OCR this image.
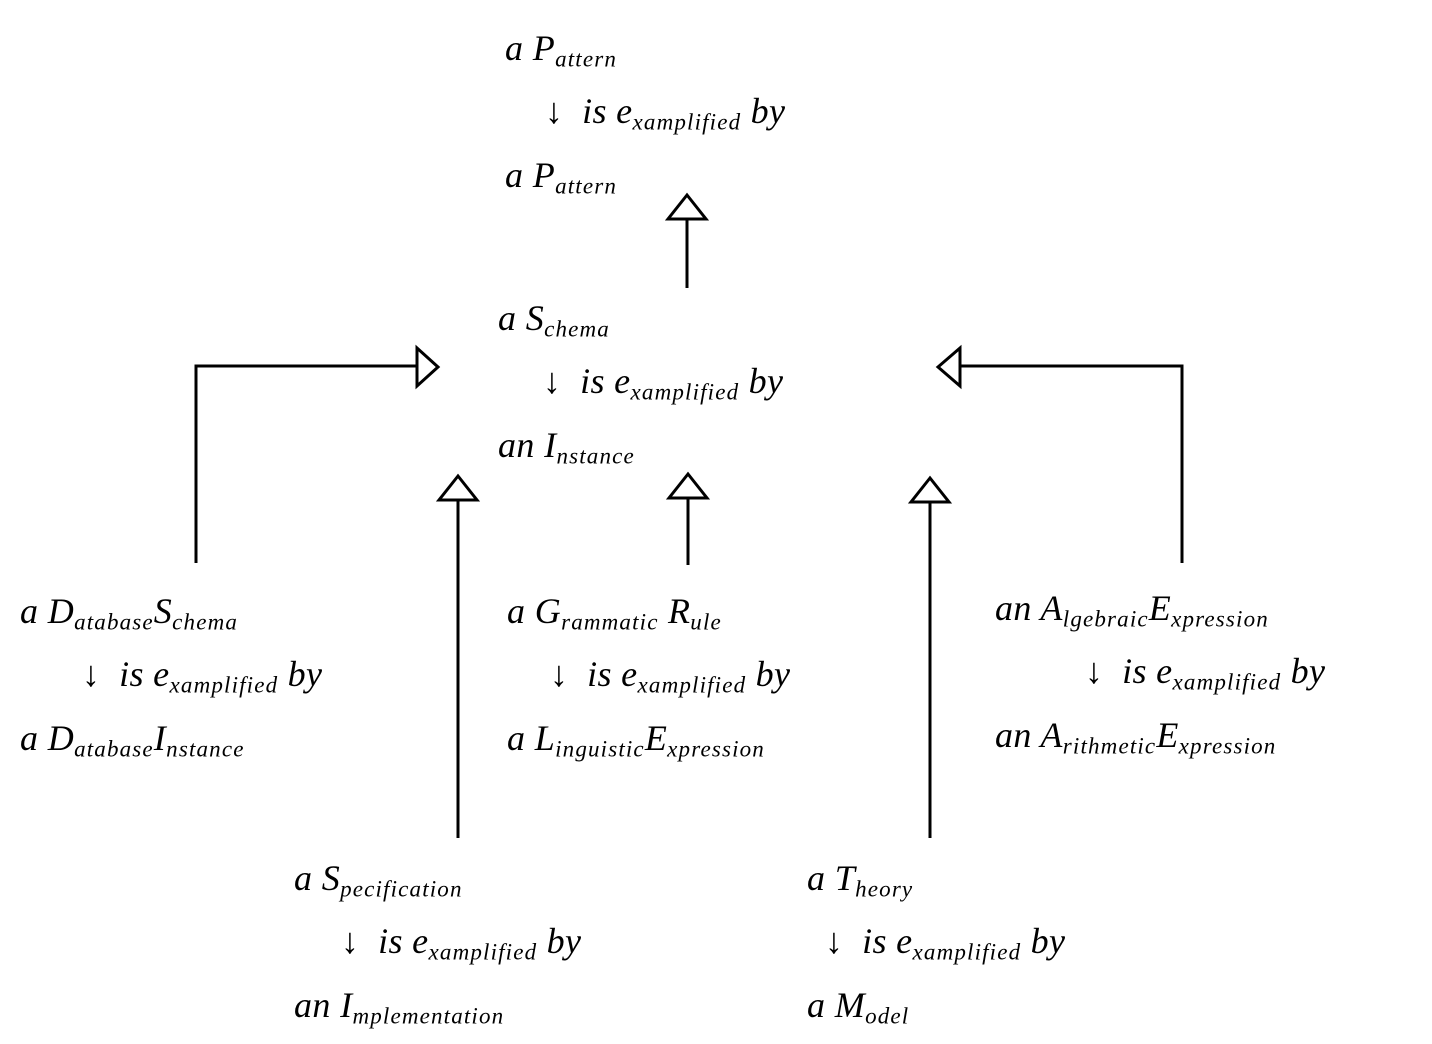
a $P_{attern}$
↓  is $e_{xamplified}$ by
a $P_{attern}$
a $S_{chema}$
↓  is $e_{xamplified}$ by
an $I_{nstance}$
a $D_{atabase}S_{chema}$
↓  is $e_{xamplified}$ by
a $D_{atabase}I_{nstance}$
a $G_{rammatic}$ $R_{ule}$
↓  is $e_{xamplified}$ by
a $L_{inguistic}E_{xpression}$
an $A_{lgebraic}E_{xpression}$
↓  is $e_{xamplified}$ by
an $A_{rithmetic}E_{xpression}$
a $S_{pecification}$
↓  is $e_{xamplified}$ by
an $I_{mplementation}$
a $T_{heory}$
↓  is $e_{xamplified}$ by
a $M_{odel}$
